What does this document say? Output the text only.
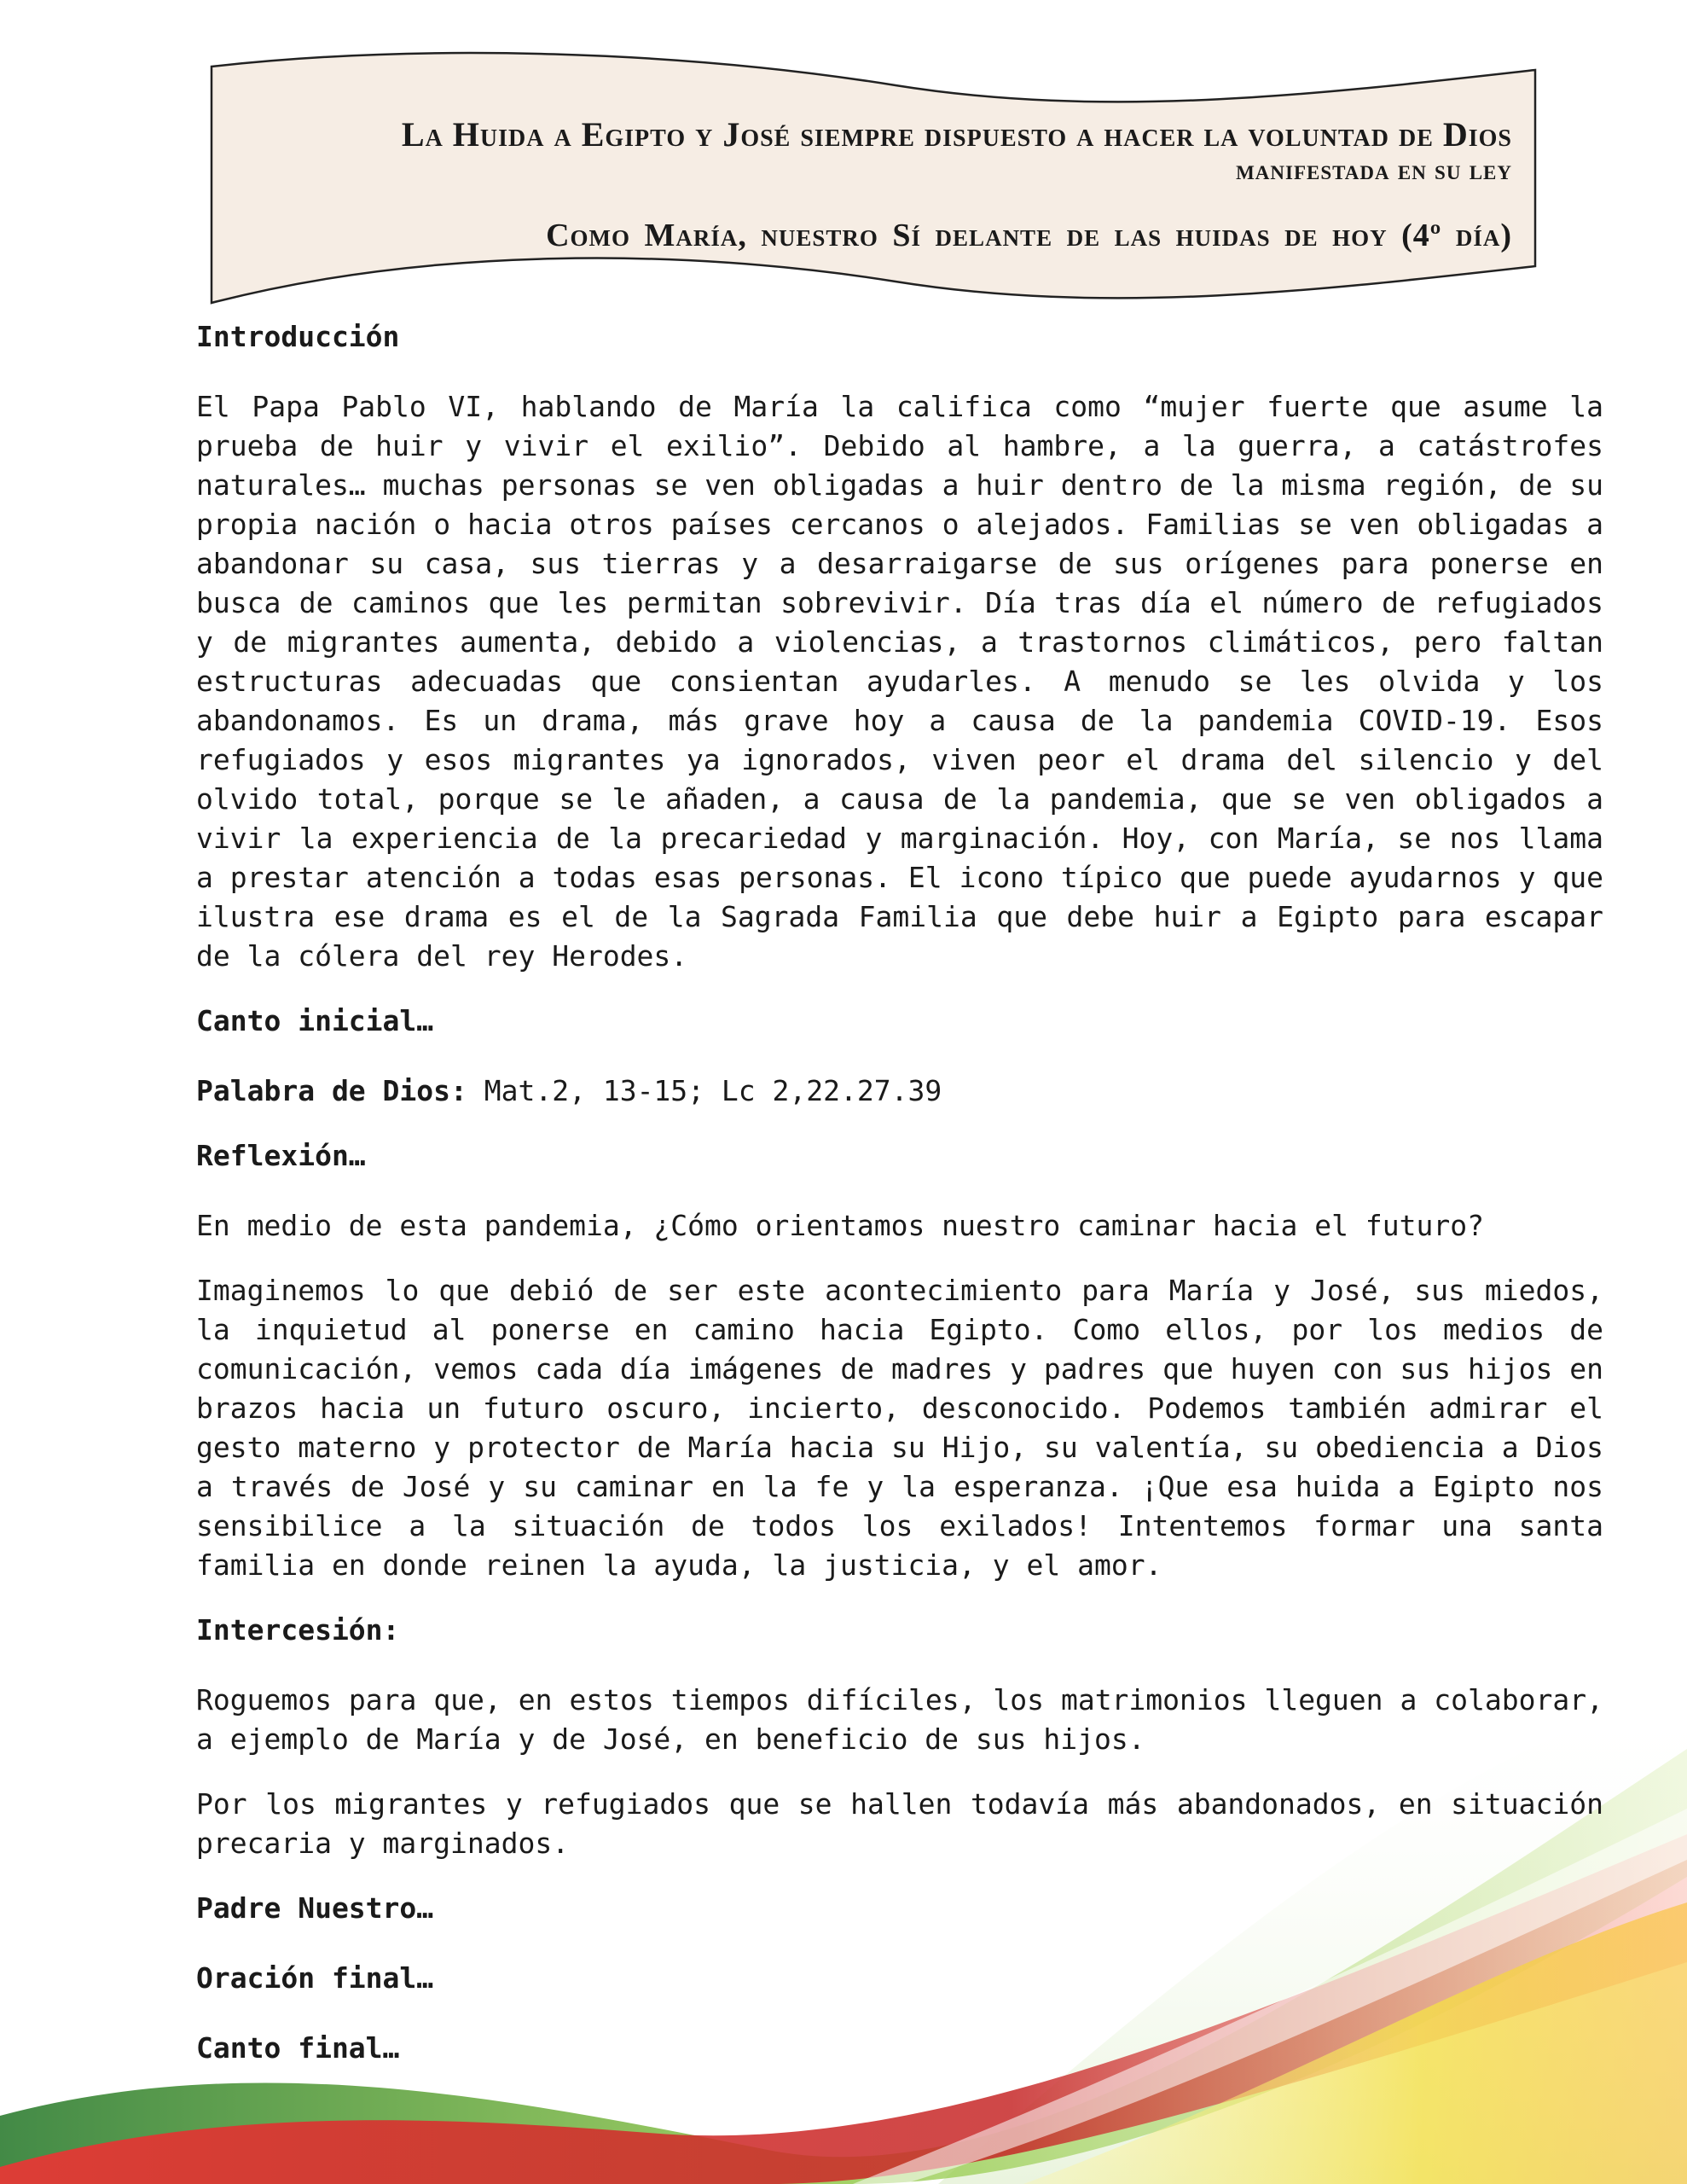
La Huida a Egipto y José siempre dispuesto a hacer la voluntad de Dios
manifestada en su ley
Como María, nuestro Sí delante de las huidas de hoy (4º día)
Introducción

El Papa Pablo VI, hablando de María la califica como “mujer fuerte que asume la prueba de huir y vivir el exilio”. Debido al hambre, a la guerra, a catástrofes naturales… muchas personas se ven obligadas a huir dentro de la misma región, de su propia nación o hacia otros países cercanos o alejados. Familias se ven obligadas a abandonar su casa, sus tierras y a desarraigarse de sus orígenes para ponerse en busca de caminos que les permitan sobrevivir. Día tras día el número de refugiados y de migrantes aumenta, debido a violencias, a trastornos climáticos, pero faltan estructuras adecuadas que consientan ayudarles. A menudo se les olvida y los abandonamos. Es un drama, más grave hoy a causa de la pandemia COVID-19. Esos refugiados y esos migrantes ya ignorados, viven peor el drama del silencio y del olvido total, porque se le añaden, a causa de la pandemia, que se ven obligados a vivir la experiencia de la precariedad y marginación. Hoy, con María, se nos llama a prestar atención a todas esas personas. El icono típico que puede ayudarnos y que ilustra ese drama es el de la Sagrada Familia que debe huir a Egipto para escapar de la cólera del rey Herodes.

Canto inicial…
Palabra de Dios: Mat.2, 13-15; Lc 2,22.27.39
Reflexión…

En medio de esta pandemia, ¿Cómo orientamos nuestro caminar hacia el futuro?

Imaginemos lo que debió de ser este acontecimiento para María y José, sus miedos, la inquietud al ponerse en camino hacia Egipto. Como ellos, por los medios de comunicación, vemos cada día imágenes de madres y padres que huyen con sus hijos en brazos hacia un futuro oscuro, incierto, desconocido. Podemos también admirar el gesto materno y protector de María hacia su Hijo, su valentía, su obediencia a Dios a través de José y su caminar en la fe y la esperanza. ¡Que esa huida a Egipto nos sensibilice a la situación de todos los exilados! Intentemos formar una santa familia en donde reinen la ayuda, la justicia, y el amor.

Intercesión:

Roguemos para que, en estos tiempos difíciles, los matrimonios lleguen a colaborar, a ejemplo de María y de José, en beneficio de sus hijos.

Por los migrantes y refugiados que se hallen todavía más abandonados, en situación precaria y marginados.

Padre Nuestro…
Oración final…
Canto final…
